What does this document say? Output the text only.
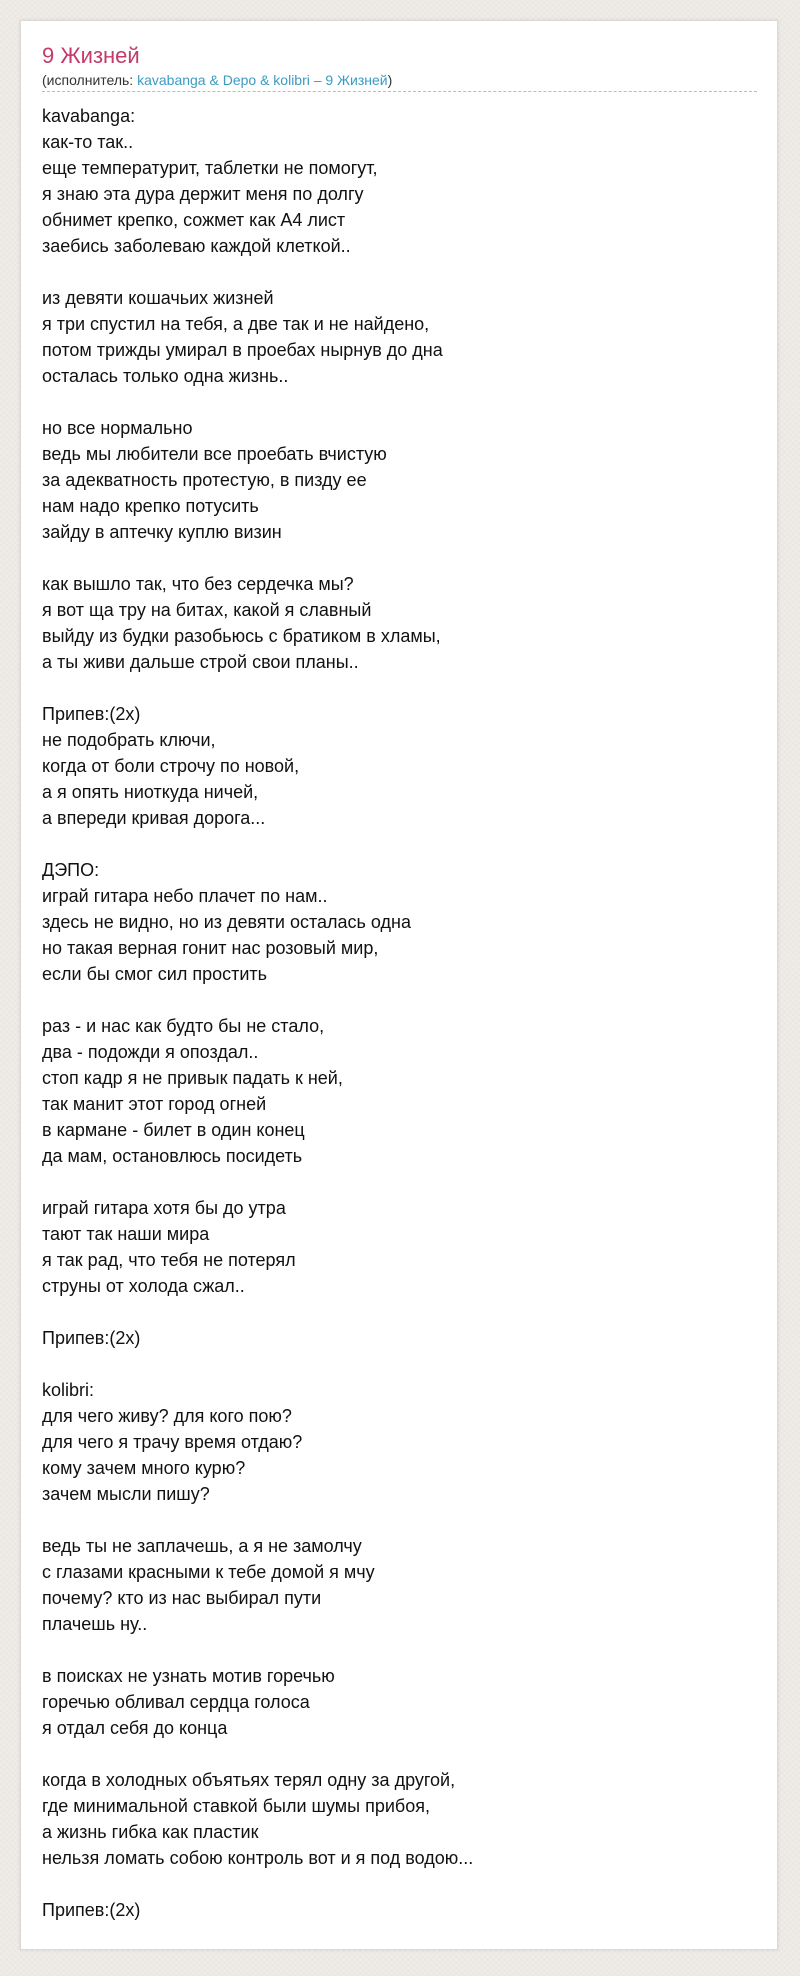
9 Жизней
(исполнитель: kavabanga & Depo & kolibri – 9 Жизней)
kavabanga:
как-то так..
еще температурит, таблетки не помогут,
я знаю эта дура держит меня по долгу
обнимет крепко, сожмет как А4 лист
заебись заболеваю каждой клеткой..
из девяти кошачьих жизней
я три спустил на тебя, а две так и не найдено,
потом трижды умирал в проебах нырнув до дна
осталась только одна жизнь..
но все нормально
ведь мы любители все проебать вчистую
за адекватность протестую, в пизду ее
нам надо крепко потусить
зайду в аптечку куплю визин
как вышло так, что без сердечка мы?
я вот ща тру на битах, какой я славный
выйду из будки разобьюсь с братиком в хламы,
а ты живи дальше строй свои планы..
Припев:(2x)
не подобрать ключи,
когда от боли строчу по новой,
а я опять ниоткуда ничей,
а впереди кривая дорога...
ДЭПО:
играй гитара небо плачет по нам..
здесь не видно, но из девяти осталась одна
но такая верная гонит нас розовый мир,
если бы смог сил простить
раз - и нас как будто бы не стало,
два - подожди я опоздал..
стоп кадр я не привык падать к ней,
так манит этот город огней
в кармане - билет в один конец
да мам, остановлюсь посидеть
играй гитара хотя бы до утра
тают так наши мира
я так рад, что тебя не потерял
струны от холода сжал..
Припев:(2x)
kolibri:
для чего живу? для кого пою?
для чего я трачу время отдаю?
кому зачем много курю?
зачем мысли пишу?
ведь ты не заплачешь, а я не замолчу
с глазами красными к тебе домой я мчу
почему? кто из нас выбирал пути
плачешь ну..
в поисках не узнать мотив горечью
горечью обливал сердца голоса
я отдал себя до конца
когда в холодных объятьях терял одну за другой,
где минимальной ставкой были шумы прибоя,
а жизнь гибка как пластик
нельзя ломать собою контроль вот и я под водою...
Припев:(2x)
